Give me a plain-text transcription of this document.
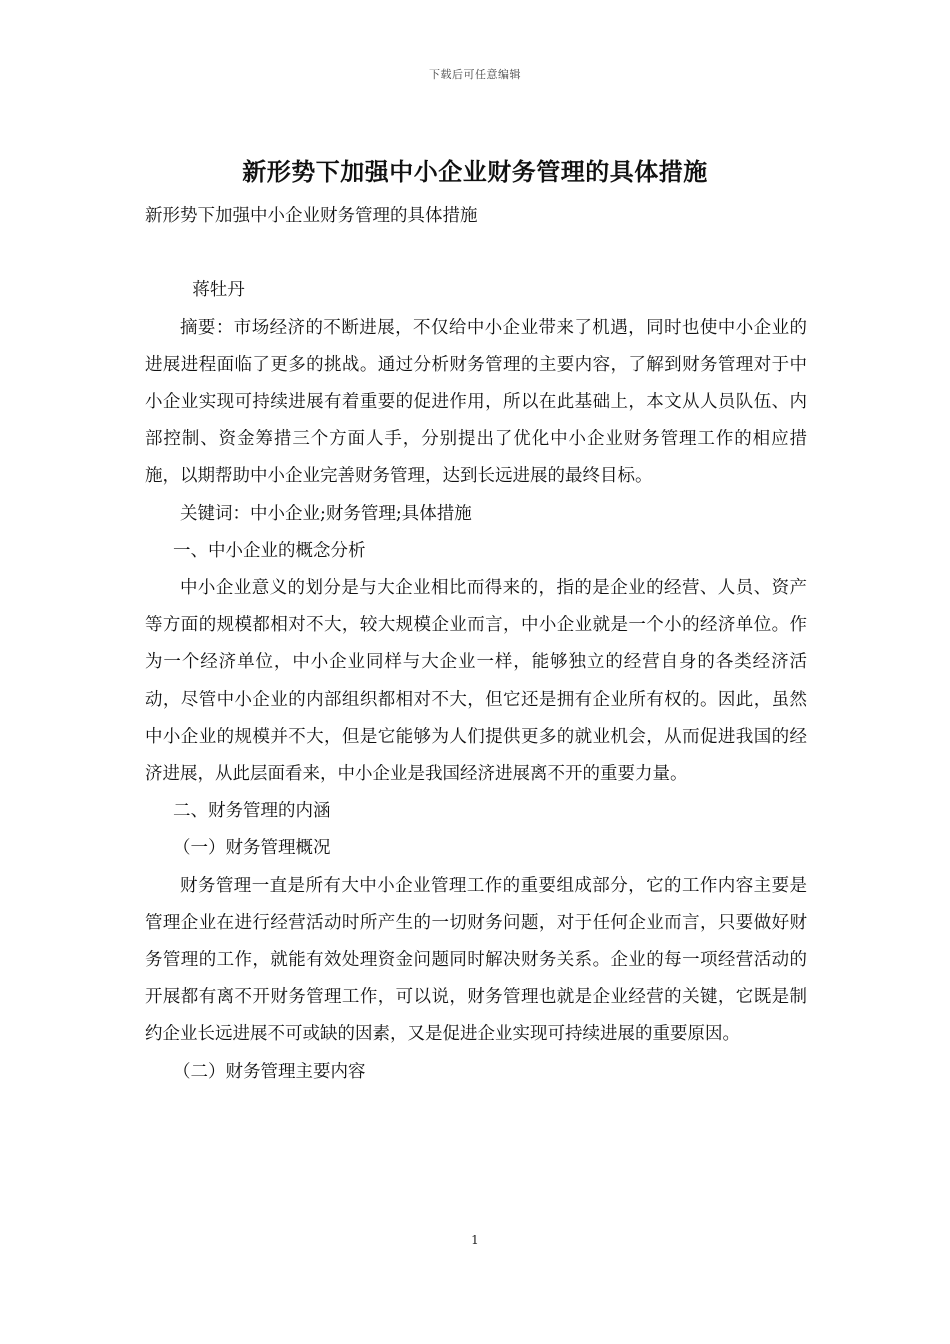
下载后可任意编辑
新形势下加强中小企业财务管理的具体措施

新形势下加强中小企业财务管理的具体措施

蒋牡丹

摘要：市场经济的不断进展，不仅给中小企业带来了机遇，同时也使中小企业的进展进程面临了更多的挑战。通过分析财务管理的主要内容，了解到财务管理对于中小企业实现可持续进展有着重要的促进作用，所以在此基础上，本文从人员队伍、内部控制、资金筹措三个方面人手，分别提出了优化中小企业财务管理工作的相应措施，以期帮助中小企业完善财务管理，达到长远进展的最终目标。

关键词：中小企业;财务管理;具体措施

一、中小企业的概念分析

中小企业意义的划分是与大企业相比而得来的，指的是企业的经营、人员、资产等方面的规模都相对不大，较大规模企业而言，中小企业就是一个小的经济单位。作为一个经济单位，中小企业同样与大企业一样，能够独立的经营自身的各类经济活动，尽管中小企业的内部组织都相对不大，但它还是拥有企业所有权的。因此，虽然中小企业的规模并不大，但是它能够为人们提供更多的就业机会，从而促进我国的经济进展，从此层面看来，中小企业是我国经济进展离不开的重要力量。

二、财务管理的内涵

（一）财务管理概况

财务管理一直是所有大中小企业管理工作的重要组成部分，它的工作内容主要是管理企业在进行经营活动时所产生的一切财务问题，对于任何企业而言，只要做好财务管理的工作，就能有效处理资金问题同时解决财务关系。企业的每一项经营活动的开展都有离不开财务管理工作，可以说，财务管理也就是企业经营的关键，它既是制约企业长远进展不可或缺的因素，又是促进企业实现可持续进展的重要原因。

（二）财务管理主要内容

1
